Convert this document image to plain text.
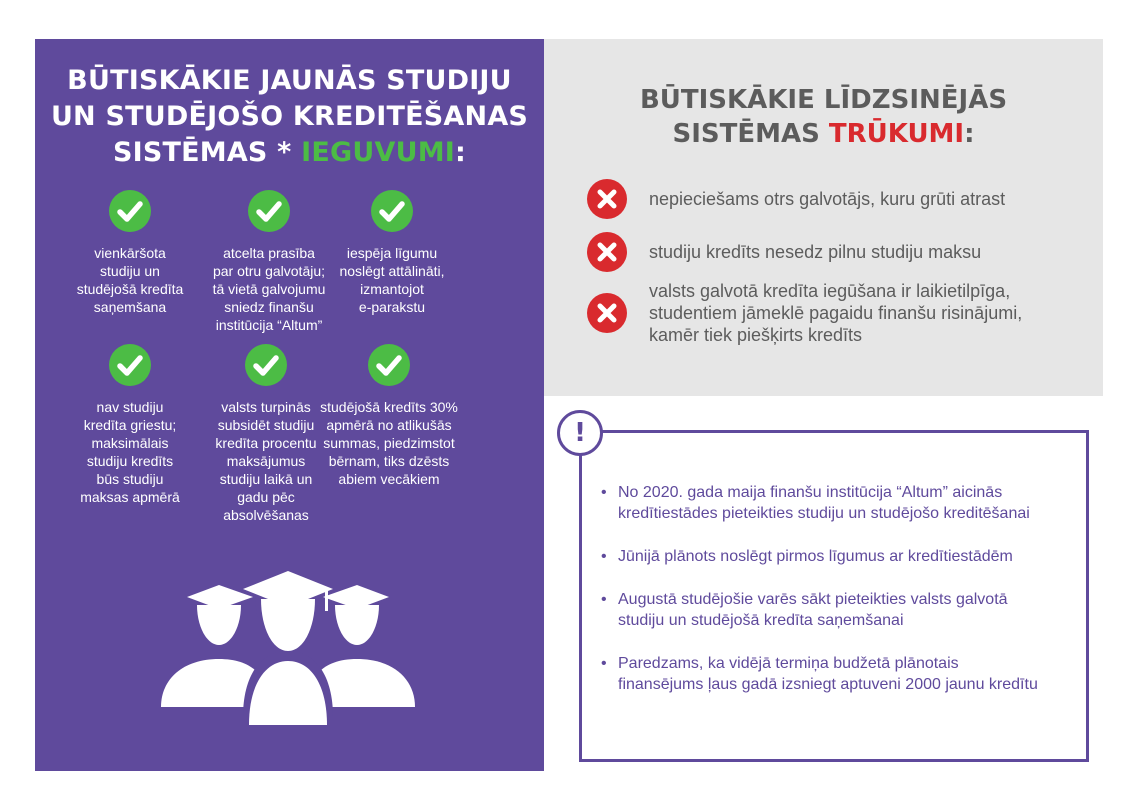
BŪTISKĀKIE JAUNĀS STUDIJU
UN STUDĒJOŠO KREDITĒŠANAS
SISTĒMAS * IEGUVUMI:
vienkāršota
studiju un
studējošā kredīta
saņemšana
atcelta prasība
par otru galvotāju;
tā vietā galvojumu
sniedz finanšu
institūcija “Altum”
iespēja līgumu
noslēgt attālināti,
izmantojot
e-parakstu
nav studiju
kredīta griestu;
maksimālais
studiju kredīts
būs studiju
maksas apmērā
valsts turpinās
subsidēt studiju
kredīta procentu
maksājumus
studiju laikā un
gadu pēc
absolvēšanas
studējošā kredīts 30%
apmērā no atlikušās
summas, piedzimstot
bērnam, tiks dzēsts
abiem vecākiem
BŪTISKĀKIE LĪDZSINĒJĀS
SISTĒMAS TRŪKUMI:
nepieciešams otrs galvotājs, kuru grūti atrast
studiju kredīts nesedz pilnu studiju maksu
valsts galvotā kredīta iegūšana ir laikietilpīga,
studentiem jāmeklē pagaidu finanšu risinājumi,
kamēr tiek piešķirts kredīts
!
• No 2020. gada maija finanšu institūcija “Altum” aicinās
kredītiestādes pieteikties studiju un studējošo kreditēšanai
• Jūnijā plānots noslēgt pirmos līgumus ar kredītiestādēm
• Augustā studējošie varēs sākt pieteikties valsts galvotā
studiju un studējošā kredīta saņemšanai
• Paredzams, ka vidējā termiņa budžetā plānotais
finansējums ļaus gadā izsniegt aptuveni 2000 jaunu kredītu
